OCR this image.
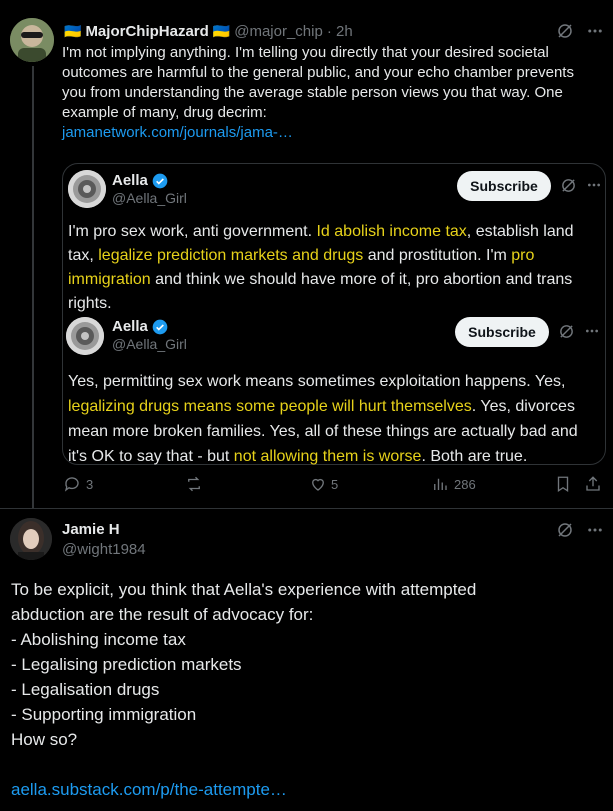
🇺🇦 MajorChipHazard 🇺🇦 @major_chip · 2h
I'm not implying anything. I'm telling you directly that your desired societal outcomes are harmful to the general public, and your echo chamber prevents you from understanding the average stable person views you that way. One example of many, drug decrim:
jamanetwork.com/journals/jama-…
Aella
@Aella_Girl
Subscribe
I'm pro sex work, anti government. Id abolish income tax, establish land tax, legalize prediction markets and drugs and prostitution. I'm pro immigration and think we should have more of it, pro abortion and trans rights.
Aella
@Aella_Girl
Subscribe
Yes, permitting sex work means sometimes exploitation happens. Yes, legalizing drugs means some people will hurt themselves. Yes, divorces mean more broken families. Yes, all of these things are actually bad and it's OK to say that - but not allowing them is worse. Both are true.
3	5	286
Jamie H
@wight1984
To be explicit, you think that Aella's experience with attempted
abduction are the result of advocacy for:
- Abolishing income tax
- Legalising prediction markets
- Legalisation drugs
- Supporting immigration
How so?
aella.substack.com/p/the-attempte…
